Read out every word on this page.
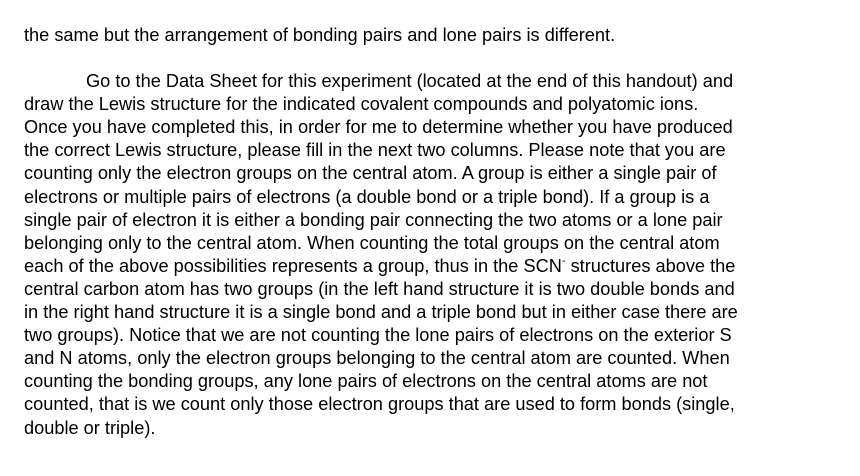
the same but the arrangement of bonding pairs and lone pairs is different.

Go to the Data Sheet for this experiment (located at the end of this handout) and
draw the Lewis structure for the indicated covalent compounds and polyatomic ions.
Once you have completed this, in order for me to determine whether you have produced
the correct Lewis structure, please fill in the next two columns. Please note that you are
counting only the electron groups on the central atom. A group is either a single pair of
electrons or multiple pairs of electrons (a double bond or a triple bond). If a group is a
single pair of electron it is either a bonding pair connecting the two atoms or a lone pair
belonging only to the central atom. When counting the total groups on the central atom
each of the above possibilities represents a group, thus in the SCN- structures above the
central carbon atom has two groups (in the left hand structure it is two double bonds and
in the right hand structure it is a single bond and a triple bond but in either case there are
two groups). Notice that we are not counting the lone pairs of electrons on the exterior S
and N atoms, only the electron groups belonging to the central atom are counted. When
counting the bonding groups, any lone pairs of electrons on the central atoms are not
counted, that is we count only those electron groups that are used to form bonds (single,
double or triple).
